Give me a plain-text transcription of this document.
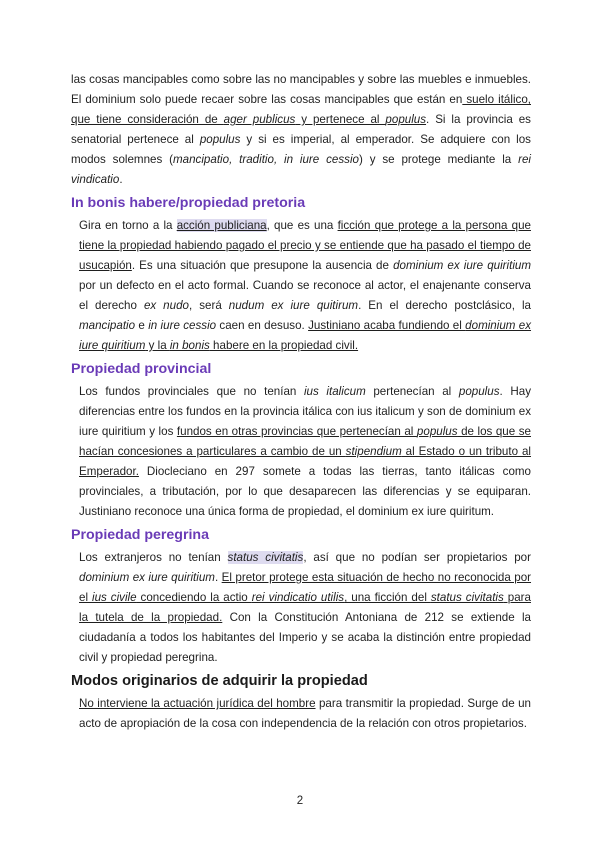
las cosas mancipables como sobre las no mancipables y sobre las muebles e inmuebles. El dominium solo puede recaer sobre las cosas mancipables que están en suelo itálico, que tiene consideración de ager publicus y pertenece al populus. Si la provincia es senatorial pertenece al populus y si es imperial, al emperador. Se adquiere con los modos solemnes (mancipatio, traditio, in iure cessio) y se protege mediante la rei vindicatio.

In bonis habere/propiedad pretoria

Gira en torno a la acción publiciana, que es una ficción que protege a la persona que tiene la propiedad habiendo pagado el precio y se entiende que ha pasado el tiempo de usucapión. Es una situación que presupone la ausencia de dominium ex iure quiritium por un defecto en el acto formal. Cuando se reconoce al actor, el enajenante conserva el derecho ex nudo, será nudum ex iure quitirum. En el derecho postclásico, la mancipatio e in iure cessio caen en desuso. Justiniano acaba fundiendo el dominium ex iure quiritium y la in bonis habere en la propiedad civil.

Propiedad provincial

Los fundos provinciales que no tenían ius italicum pertenecían al populus. Hay diferencias entre los fundos en la provincia itálica con ius italicum y son de dominium ex iure quiritium y los fundos en otras provincias que pertenecían al populus de los que se hacían concesiones a particulares a cambio de un stipendium al Estado o un tributo al Emperador. Diocleciano en 297 somete a todas las tierras, tanto itálicas como provinciales, a tributación, por lo que desaparecen las diferencias y se equiparan. Justiniano reconoce una única forma de propiedad, el dominium ex iure quiritum.

Propiedad peregrina

Los extranjeros no tenían status civitatis, así que no podían ser propietarios por dominium ex iure quiritium. El pretor protege esta situación de hecho no reconocida por el ius civile concediendo la actio rei vindicatio utilis, una ficción del status civitatis para la tutela de la propiedad. Con la Constitución Antoniana de 212 se extiende la ciudadanía a todos los habitantes del Imperio y se acaba la distinción entre propiedad civil y propiedad peregrina.

Modos originarios de adquirir la propiedad

No interviene la actuación jurídica del hombre para transmitir la propiedad. Surge de un acto de apropiación de la cosa con independencia de la relación con otros propietarios.

2
